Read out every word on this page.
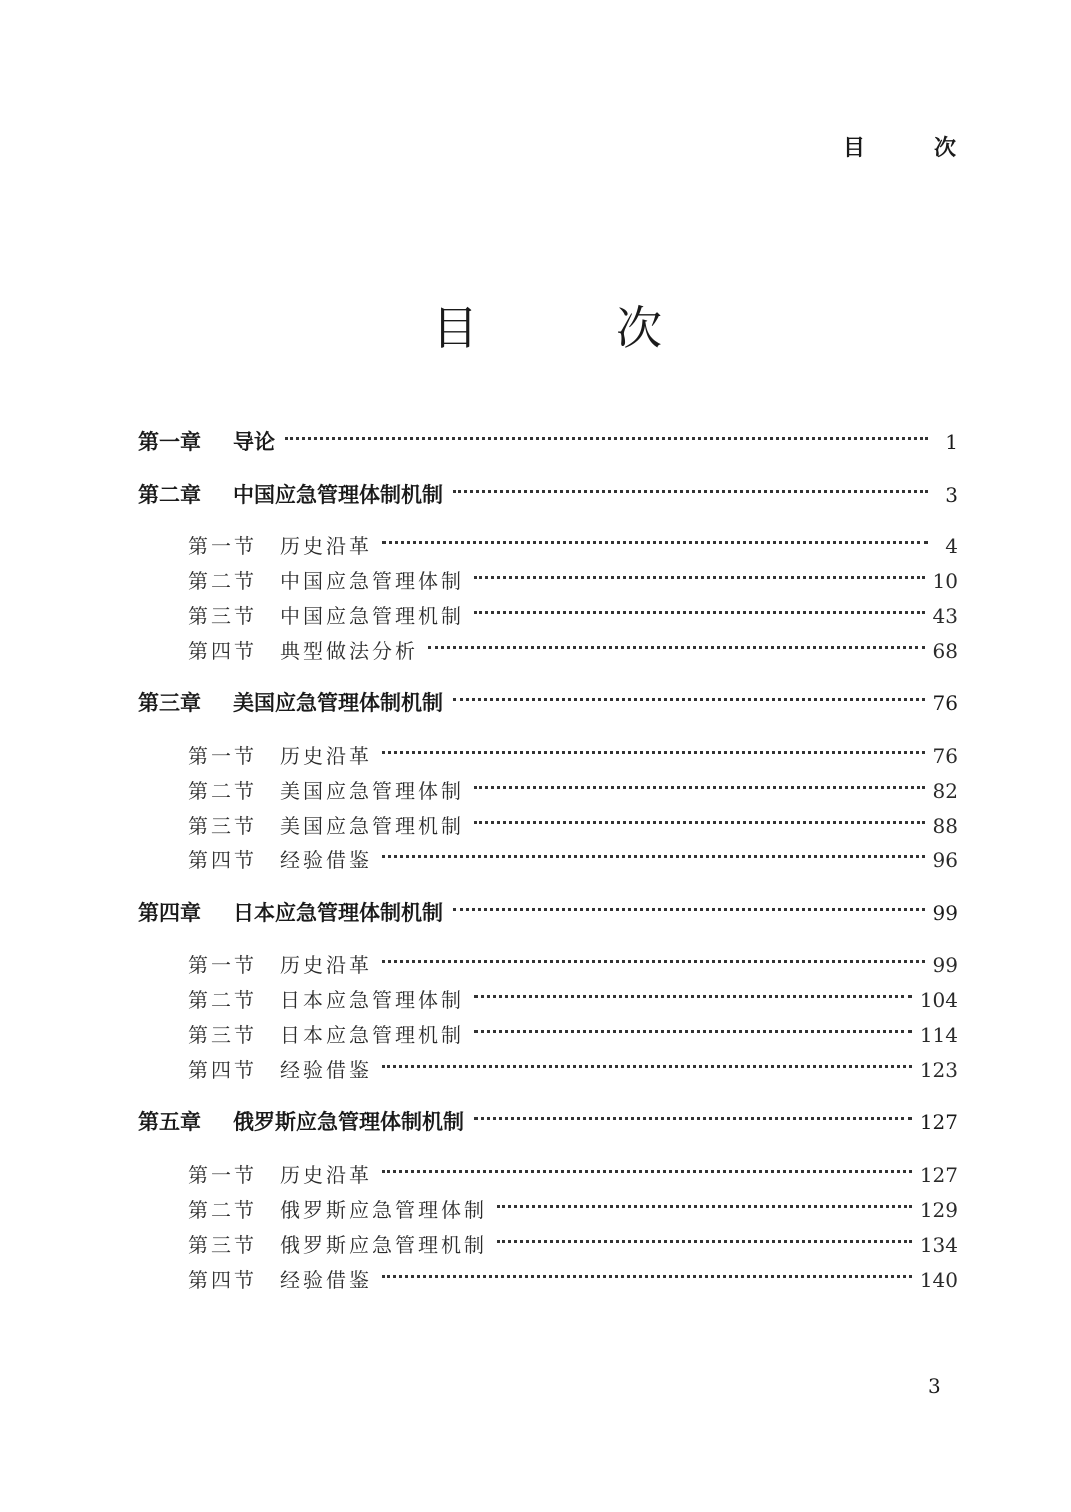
目	次
目	次
第一章	导论	1
第二章	中国应急管理体制机制	3
第一节	历史沿革	4
第二节	中国应急管理体制	10
第三节	中国应急管理机制	43
第四节	典型做法分析	68
第三章	美国应急管理体制机制	76
第一节	历史沿革	76
第二节	美国应急管理体制	82
第三节	美国应急管理机制	88
第四节	经验借鉴	96
第四章	日本应急管理体制机制	99
第一节	历史沿革	99
第二节	日本应急管理体制	104
第三节	日本应急管理机制	114
第四节	经验借鉴	123
第五章	俄罗斯应急管理体制机制	127
第一节	历史沿革	127
第二节	俄罗斯应急管理体制	129
第三节	俄罗斯应急管理机制	134
第四节	经验借鉴	140
3
